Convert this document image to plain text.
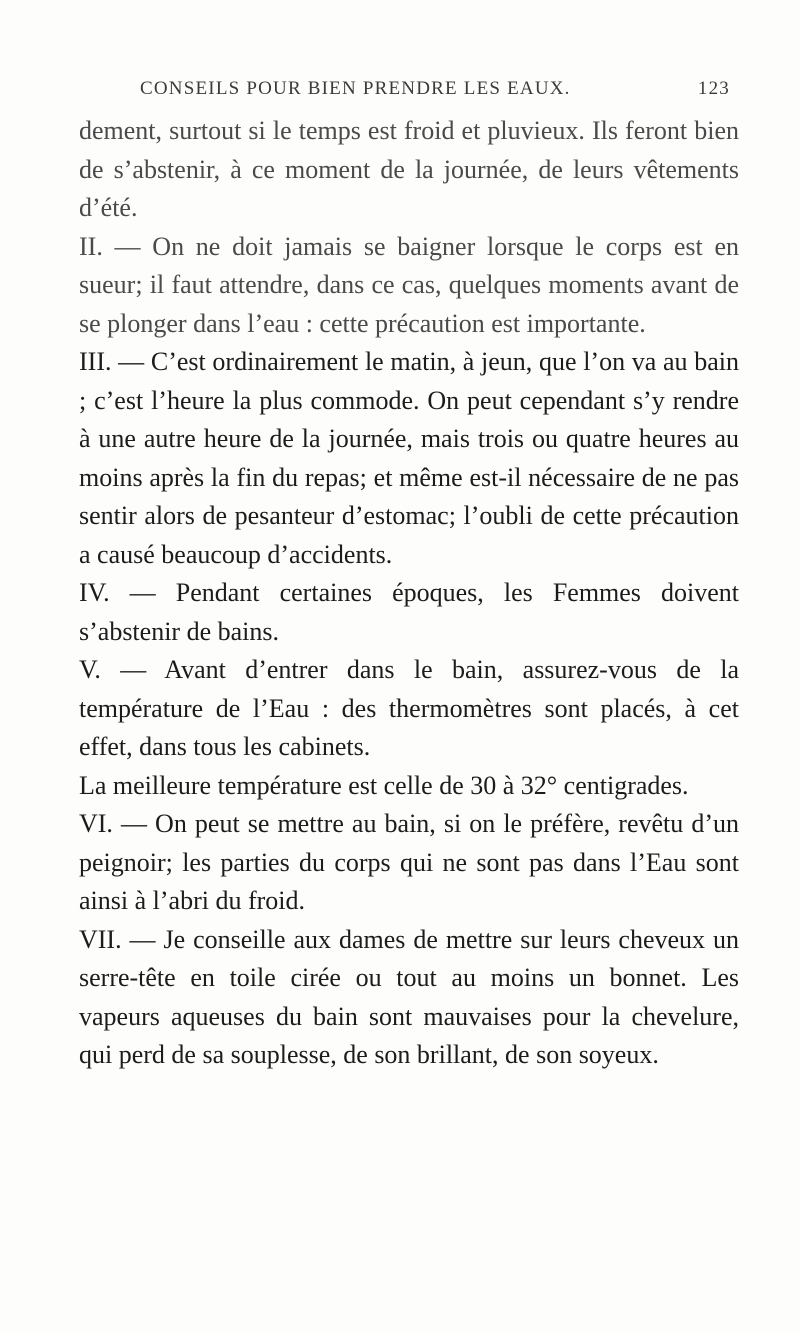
CONSEILS POUR BIEN PRENDRE LES EAUX.	123

dement, surtout si le temps est froid et pluvieux. Ils feront bien de s’abstenir, à ce moment de la journée, de leurs vêtements d’été.

II. — On ne doit jamais se baigner lorsque le corps est en sueur; il faut attendre, dans ce cas, quelques moments avant de se plonger dans l’eau : cette précaution est importante.

III. — C’est ordinairement le matin, à jeun, que l’on va au bain ; c’est l’heure la plus commode. On peut cependant s’y rendre à une autre heure de la journée, mais trois ou quatre heures au moins après la fin du repas; et même est-il nécessaire de ne pas sentir alors de pesanteur d’estomac; l’oubli de cette précaution a causé beaucoup d’accidents.

IV. — Pendant certaines époques, les Femmes doivent s’abstenir de bains.

V. — Avant d’entrer dans le bain, assurez-vous de la température de l’Eau : des thermomètres sont placés, à cet effet, dans tous les cabinets.

La meilleure température est celle de 30 à 32° centigrades.

VI. — On peut se mettre au bain, si on le préfère, revêtu d’un peignoir; les parties du corps qui ne sont pas dans l’Eau sont ainsi à l’abri du froid.

VII. — Je conseille aux dames de mettre sur leurs cheveux un serre-tête en toile cirée ou tout au moins un bonnet. Les vapeurs aqueuses du bain sont mauvaises pour la chevelure, qui perd de sa souplesse, de son brillant, de son soyeux.
